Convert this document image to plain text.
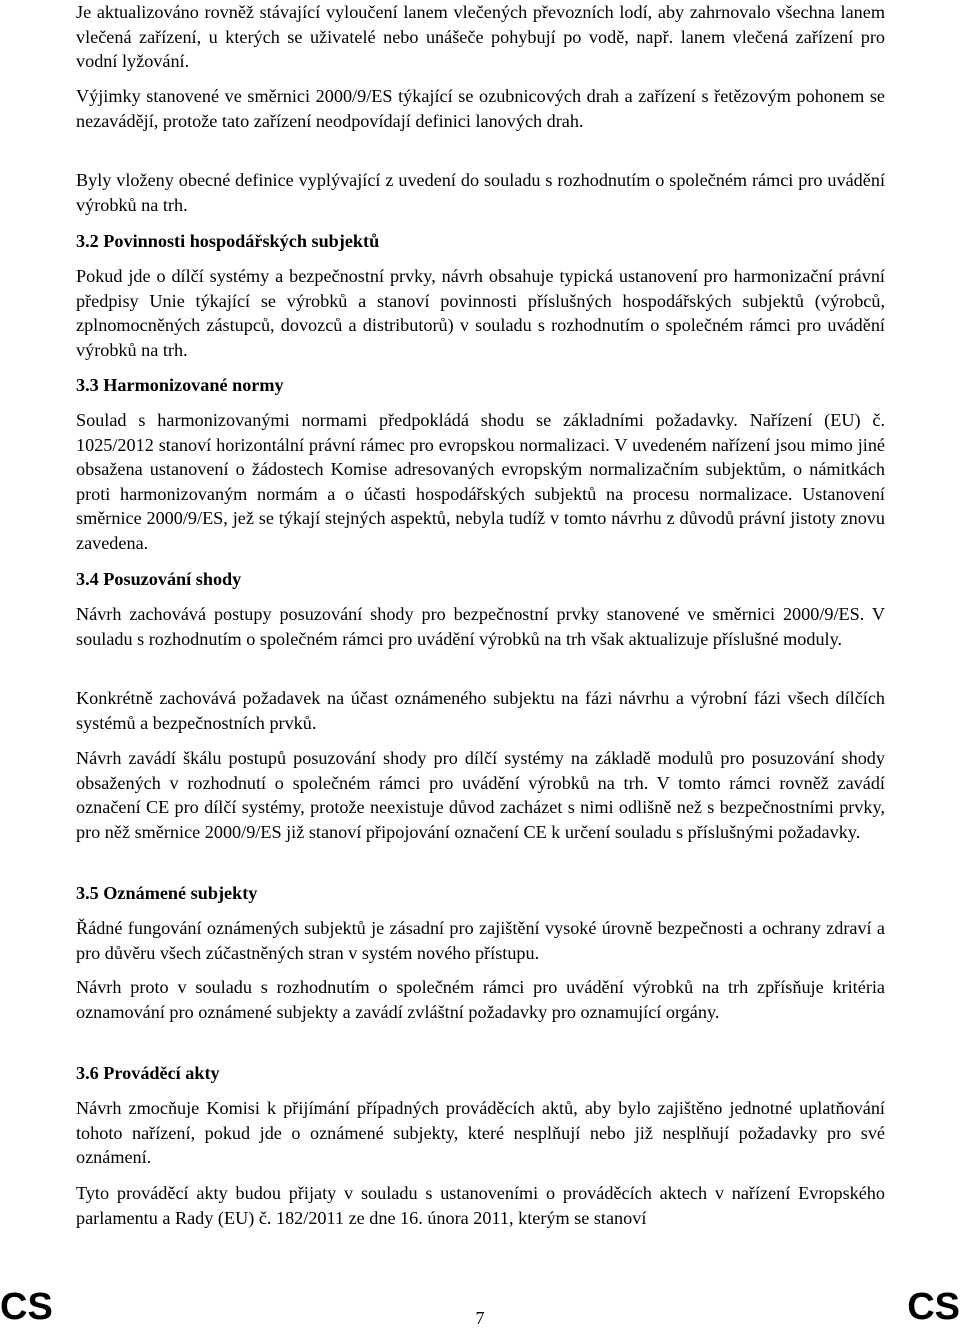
Je aktualizováno rovněž stávající vyloučení lanem vlečených převozních lodí, aby zahrnovalo všechna lanem vlečená zařízení, u kterých se uživatelé nebo unášeče pohybují po vodě, např. lanem vlečená zařízení pro vodní lyžování.

Výjimky stanovené ve směrnici 2000/9/ES týkající se ozubnicových drah a zařízení s řetězovým pohonem se nezavádějí, protože tato zařízení neodpovídají definici lanových drah.

Byly vloženy obecné definice vyplývající z uvedení do souladu s rozhodnutím o společném rámci pro uvádění výrobků na trh.

3.2 Povinnosti hospodářských subjektů

Pokud jde o dílčí systémy a bezpečnostní prvky, návrh obsahuje typická ustanovení pro harmonizační právní předpisy Unie týkající se výrobků a stanoví povinnosti příslušných hospodářských subjektů (výrobců, zplnomocněných zástupců, dovozců a distributorů) v souladu s rozhodnutím o společném rámci pro uvádění výrobků na trh.

3.3 Harmonizované normy

Soulad s harmonizovanými normami předpokládá shodu se základními požadavky. Nařízení (EU) č. 1025/2012 stanoví horizontální právní rámec pro evropskou normalizaci. V uvedeném nařízení jsou mimo jiné obsažena ustanovení o žádostech Komise adresovaných evropským normalizačním subjektům, o námitkách proti harmonizovaným normám a o účasti hospodářských subjektů na procesu normalizace. Ustanovení směrnice 2000/9/ES, jež se týkají stejných aspektů, nebyla tudíž v tomto návrhu z důvodů právní jistoty znovu zavedena.

3.4 Posuzování shody

Návrh zachovává postupy posuzování shody pro bezpečnostní prvky stanovené ve směrnici 2000/9/ES. V souladu s rozhodnutím o společném rámci pro uvádění výrobků na trh však aktualizuje příslušné moduly.

Konkrétně zachovává požadavek na účast oznámeného subjektu na fázi návrhu a výrobní fázi všech dílčích systémů a bezpečnostních prvků.

Návrh zavádí škálu postupů posuzování shody pro dílčí systémy na základě modulů pro posuzování shody obsažených v rozhodnutí o společném rámci pro uvádění výrobků na trh. V tomto rámci rovněž zavádí označení CE pro dílčí systémy, protože neexistuje důvod zacházet s nimi odlišně než s bezpečnostními prvky, pro něž směrnice 2000/9/ES již stanoví připojování označení CE k určení souladu s příslušnými požadavky.

3.5 Oznámené subjekty

Řádné fungování oznámených subjektů je zásadní pro zajištění vysoké úrovně bezpečnosti a ochrany zdraví a pro důvěru všech zúčastněných stran v systém nového přístupu.

Návrh proto v souladu s rozhodnutím o společném rámci pro uvádění výrobků na trh zpřísňuje kritéria oznamování pro oznámené subjekty a zavádí zvláštní požadavky pro oznamující orgány.

3.6 Prováděcí akty

Návrh zmocňuje Komisi k přijímání případných prováděcích aktů, aby bylo zajištěno jednotné uplatňování tohoto nařízení, pokud jde o oznámené subjekty, které nesplňují nebo již nesplňují požadavky pro své oznámení.

Tyto prováděcí akty budou přijaty v souladu s ustanoveními o prováděcích aktech v nařízení Evropského parlamentu a Rady (EU) č. 182/2011 ze dne 16. února 2011, kterým se stanoví

CS	7	CS
